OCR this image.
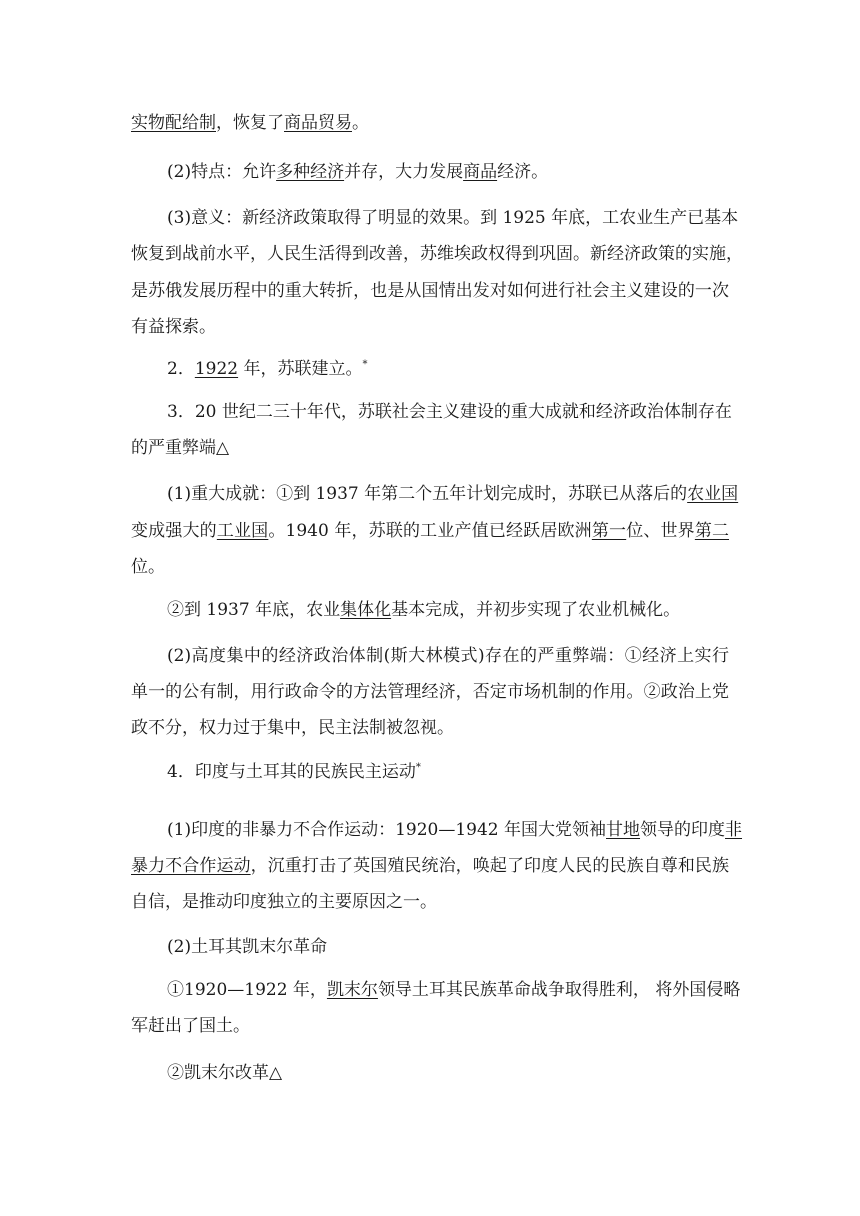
实物配给制，恢复了商品贸易。
(2)特点：允许多种经济并存，大力发展商品经济。
(3)意义：新经济政策取得了明显的效果。到 1925 年底，工农业生产已基本
恢复到战前水平，人民生活得到改善，苏维埃政权得到巩固。新经济政策的实施，
是苏俄发展历程中的重大转折，也是从国情出发对如何进行社会主义建设的一次
有益探索。
2．1922 年，苏联建立。*
3．20 世纪二三十年代，苏联社会主义建设的重大成就和经济政治体制存在
的严重弊端△
(1)重大成就：①到 1937 年第二个五年计划完成时，苏联已从落后的农业国
变成强大的工业国。1940 年，苏联的工业产值已经跃居欧洲第一位、世界第二
位。
②到 1937 年底，农业集体化基本完成，并初步实现了农业机械化。
(2)高度集中的经济政治体制(斯大林模式)存在的严重弊端：①经济上实行
单一的公有制，用行政命令的方法管理经济，否定市场机制的作用。②政治上党
政不分，权力过于集中，民主法制被忽视。
4．印度与土耳其的民族民主运动*
(1)印度的非暴力不合作运动：1920—1942 年国大党领袖甘地领导的印度非
暴力不合作运动，沉重打击了英国殖民统治，唤起了印度人民的民族自尊和民族
自信，是推动印度独立的主要原因之一。
(2)土耳其凯末尔革命
①1920—1922 年，凯末尔领导土耳其民族革命战争取得胜利， 将外国侵略
军赶出了国土。
②凯末尔改革△
